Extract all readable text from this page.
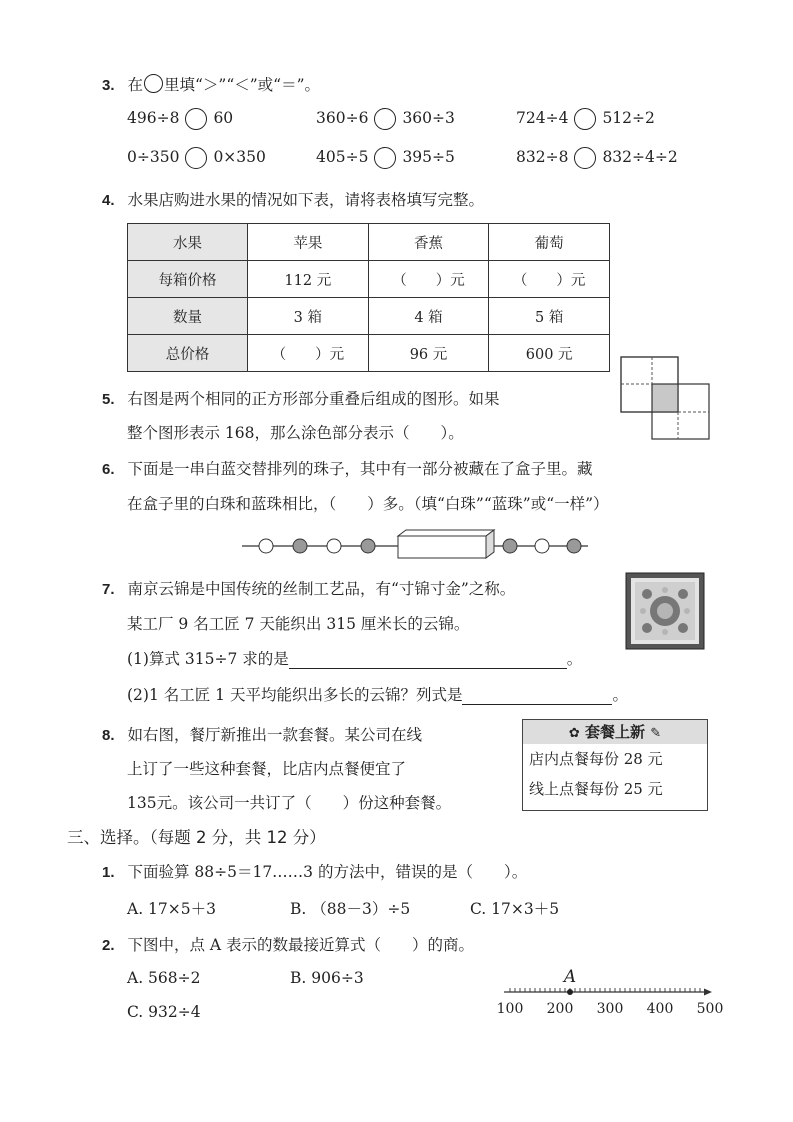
3. 在 里填“＞”“＜”或“＝”。
496÷8 60	360÷6 360÷3	724÷4 512÷2
0÷350 0×350	405÷5 395÷5	832÷8 832÷4÷2
4. 水果店购进水果的情况如下表，请将表格填写完整。
水果	苹果	香蕉	葡萄
每箱价格	112 元	（　　）元	（　　）元
数量	3 箱	4 箱	5 箱
总价格	（　　）元	96 元	600 元
5. 右图是两个相同的正方形部分重叠后组成的图形。如果
整个图形表示 168，那么涂色部分表示（　　）。
6. 下面是一串白蓝交替排列的珠子，其中有一部分被藏在了盒子里。藏
在盒子里的白珠和蓝珠相比，（　　）多。（填“白珠”“蓝珠”或“一样”）
7. 南京云锦是中国传统的丝制工艺品，有“寸锦寸金”之称。
某工厂 9 名工匠 7 天能织出 315 厘米长的云锦。
(1)算式 315÷7 求的是	。
(2)1 名工匠 1 天平均能织出多长的云锦？列式是	。
8. 如右图，餐厅新推出一款套餐。某公司在线
上订了一些这种套餐，比店内点餐便宜了
135元。该公司一共订了（　　）份这种套餐。
✿ 套餐上新 ✎
店内点餐每份 28 元
线上点餐每份 25 元
三、选择。（每题 2 分，共 12 分）
1. 下面验算 88÷5＝17……3 的方法中，错误的是（　　）。
A. 17×5＋3	B. （88－3）÷5	C. 17×3＋5
2. 下图中，点 A 表示的数最接近算式（　　）的商。
A. 568÷2	B. 906÷3
C. 932÷4	100 200 300 400 500
A
